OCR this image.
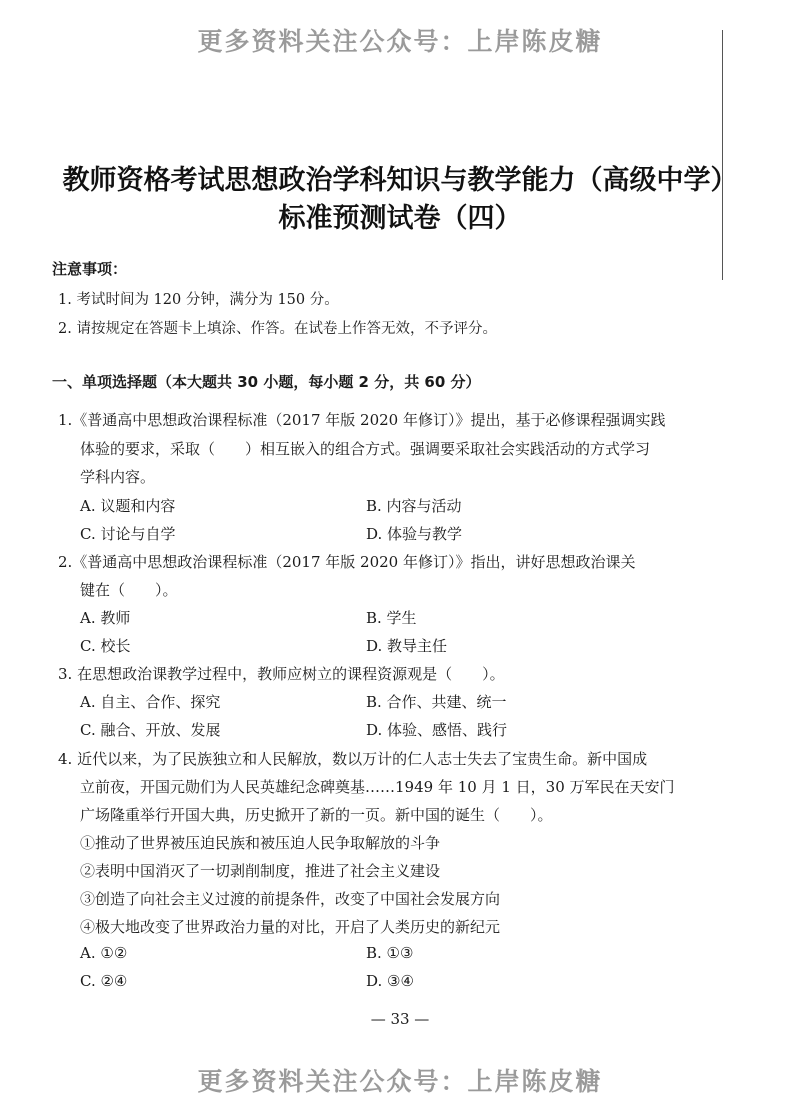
更多资料关注公众号：上岸陈皮糖
教师资格考试思想政治学科知识与教学能力（高级中学）
标准预测试卷（四）
注意事项：
1. 考试时间为 120 分钟，满分为 150 分。
2. 请按规定在答题卡上填涂、作答。在试卷上作答无效，不予评分。
一、单项选择题（本大题共 30 小题，每小题 2 分，共 60 分）
1.《普通高中思想政治课程标准（2017 年版 2020 年修订）》提出，基于必修课程强调实践
体验的要求，采取（　　）相互嵌入的组合方式。强调要采取社会实践活动的方式学习
学科内容。
A. 议题和内容	B. 内容与活动
C. 讨论与自学	D. 体验与教学
2.《普通高中思想政治课程标准（2017 年版 2020 年修订）》指出，讲好思想政治课关
键在（　　）。
A. 教师	B. 学生
C. 校长	D. 教导主任
3. 在思想政治课教学过程中，教师应树立的课程资源观是（　　）。
A. 自主、合作、探究	B. 合作、共建、统一
C. 融合、开放、发展	D. 体验、感悟、践行
4. 近代以来，为了民族独立和人民解放，数以万计的仁人志士失去了宝贵生命。新中国成
立前夜，开国元勋们为人民英雄纪念碑奠基……1949 年 10 月 1 日，30 万军民在天安门
广场隆重举行开国大典，历史掀开了新的一页。新中国的诞生（　　）。
①推动了世界被压迫民族和被压迫人民争取解放的斗争
②表明中国消灭了一切剥削制度，推进了社会主义建设
③创造了向社会主义过渡的前提条件，改变了中国社会发展方向
④极大地改变了世界政治力量的对比，开启了人类历史的新纪元
A. ①②	B. ①③
C. ②④	D. ③④
— 33 —
更多资料关注公众号：上岸陈皮糖
